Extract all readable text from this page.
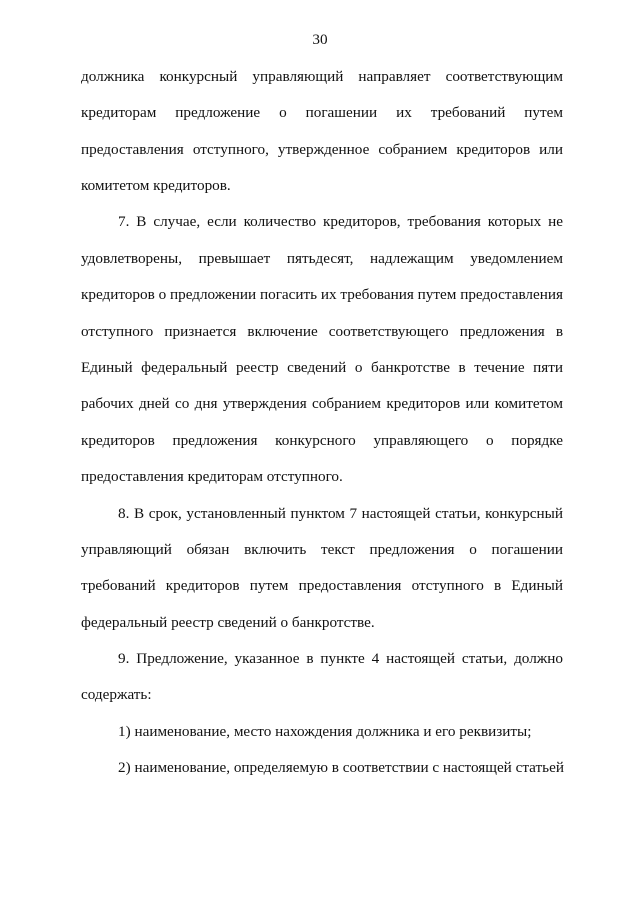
30
должника конкурсный управляющий направляет соответствующим
кредиторам предложение о погашении их требований путем
предоставления отступного, утвержденное собранием кредиторов или
комитетом кредиторов.
7. В случае, если количество кредиторов, требования которых не
удовлетворены, превышает пятьдесят, надлежащим уведомлением
кредиторов о предложении погасить их требования путем предоставления
отступного признается включение соответствующего предложения в
Единый федеральный реестр сведений о банкротстве в течение пяти
рабочих дней со дня утверждения собранием кредиторов или комитетом
кредиторов предложения конкурсного управляющего о порядке
предоставления кредиторам отступного.
8. В срок, установленный пунктом 7 настоящей статьи, конкурсный
управляющий обязан включить текст предложения о погашении
требований кредиторов путем предоставления отступного в Единый
федеральный реестр сведений о банкротстве.
9. Предложение, указанное в пункте 4 настоящей статьи, должно
содержать:
1) наименование, место нахождения должника и его реквизиты;
2) наименование, определяемую в соответствии с настоящей статьей
